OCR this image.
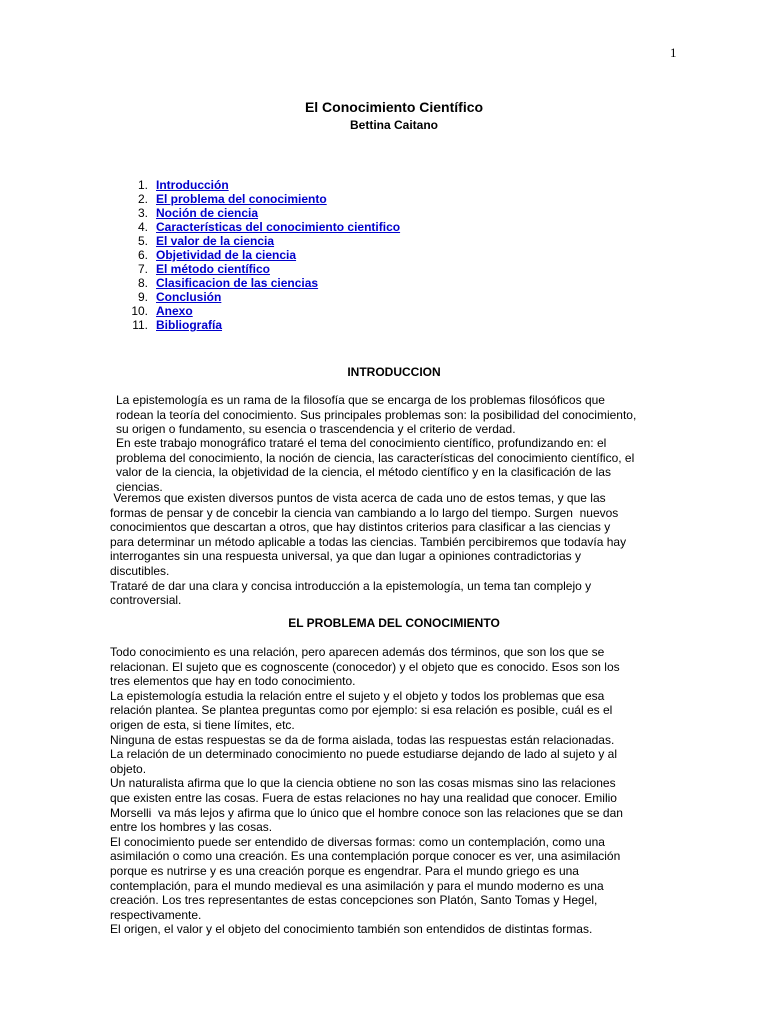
1
El Conocimiento Científico
Bettina Caitano
1. Introducción
2. El problema del conocimiento
3. Noción de ciencia
4. Características del conocimiento cientifico
5. El valor de la ciencia
6. Objetividad de la ciencia
7. El método científico
8. Clasificacion de las ciencias
9. Conclusión
10. Anexo
11. Bibliografía
INTRODUCCION

La epistemología es un rama de la filosofía que se encarga de los problemas filosóficos que
rodean la teoría del conocimiento. Sus principales problemas son: la posibilidad del conocimiento,
su origen o fundamento, su esencia o trascendencia y el criterio de verdad.

En este trabajo monográfico trataré el tema del conocimiento científico, profundizando en: el
problema del conocimiento, la noción de ciencia, las características del conocimiento científico, el
valor de la ciencia, la objetividad de la ciencia, el método científico y en la clasificación de las
ciencias.

Veremos que existen diversos puntos de vista acerca de cada uno de estos temas, y que las
formas de pensar y de concebir la ciencia van cambiando a lo largo del tiempo. Surgen  nuevos
conocimientos que descartan a otros, que hay distintos criterios para clasificar a las ciencias y
para determinar un método aplicable a todas las ciencias. También percibiremos que todavía hay
interrogantes sin una respuesta universal, ya que dan lugar a opiniones contradictorias y
discutibles.
Trataré de dar una clara y concisa introducción a la epistemología, un tema tan complejo y
controversial.

EL PROBLEMA DEL CONOCIMIENTO

Todo conocimiento es una relación, pero aparecen además dos términos, que son los que se
relacionan. El sujeto que es cognoscente (conocedor) y el objeto que es conocido. Esos son los
tres elementos que hay en todo conocimiento.
La epistemología estudia la relación entre el sujeto y el objeto y todos los problemas que esa
relación plantea. Se plantea preguntas como por ejemplo: si esa relación es posible, cuál es el
origen de esta, si tiene límites, etc.
Ninguna de estas respuestas se da de forma aislada, todas las respuestas están relacionadas.
La relación de un determinado conocimiento no puede estudiarse dejando de lado al sujeto y al
objeto.
Un naturalista afirma que lo que la ciencia obtiene no son las cosas mismas sino las relaciones
que existen entre las cosas. Fuera de estas relaciones no hay una realidad que conocer. Emilio
Morselli  va más lejos y afirma que lo único que el hombre conoce son las relaciones que se dan
entre los hombres y las cosas.
El conocimiento puede ser entendido de diversas formas: como un contemplación, como una
asimilación o como una creación. Es una contemplación porque conocer es ver, una asimilación
porque es nutrirse y es una creación porque es engendrar. Para el mundo griego es una
contemplación, para el mundo medieval es una asimilación y para el mundo moderno es una
creación. Los tres representantes de estas concepciones son Platón, Santo Tomas y Hegel,
respectivamente.
El origen, el valor y el objeto del conocimiento también son entendidos de distintas formas.
